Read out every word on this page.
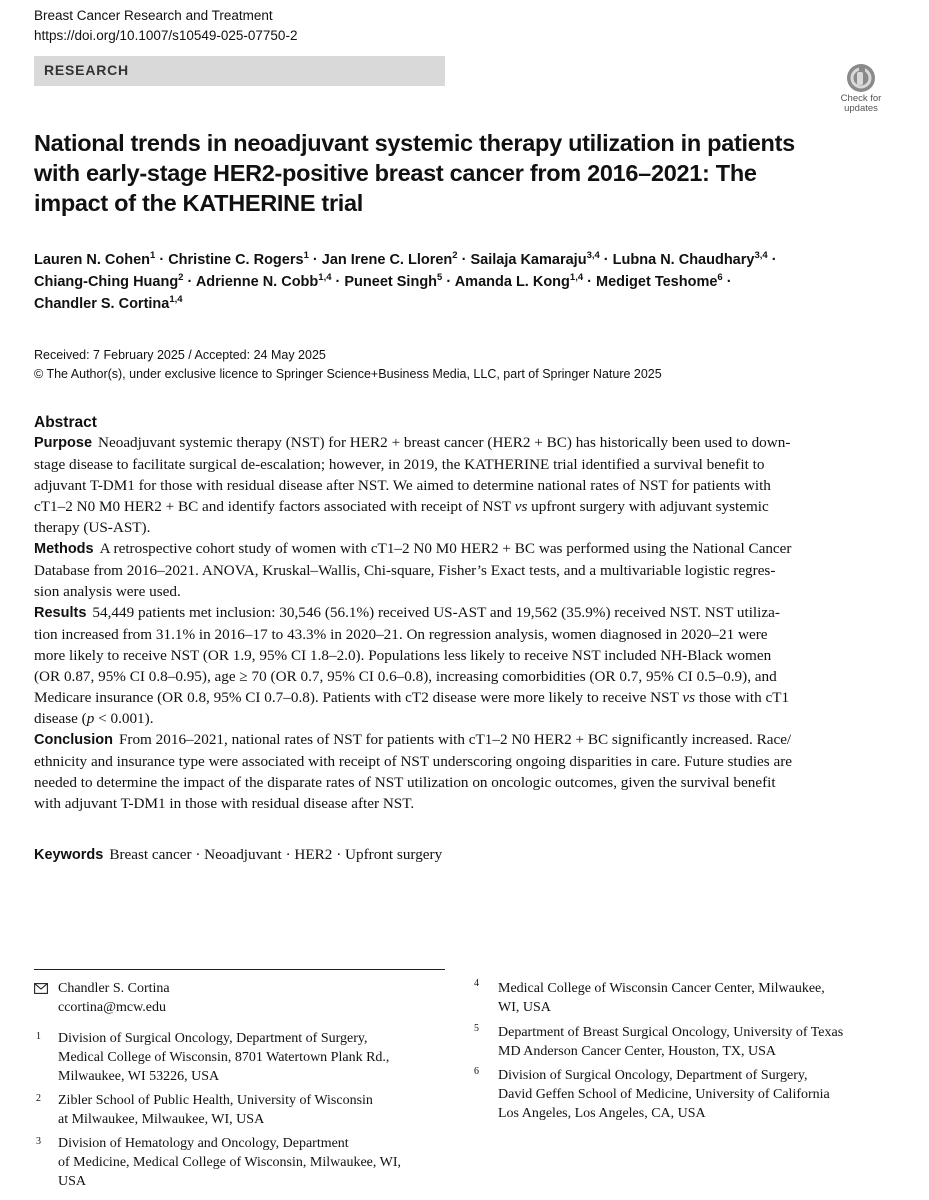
Breast Cancer Research and Treatment
https://doi.org/10.1007/s10549-025-07750-2
RESEARCH
Check for
updates
National trends in neoadjuvant systemic therapy utilization in patients
with early-stage HER2-positive breast cancer from 2016–2021: The
impact of the KATHERINE trial
Lauren N. Cohen$^1$ · Christine C. Rogers$^1$ · Jan Irene C. Lloren$^2$ · Sailaja Kamaraju$^{3,4}$ · Lubna N. Chaudhary$^{3,4}$ ·
Chiang-Ching Huang$^2$ · Adrienne N. Cobb$^{1,4}$ · Puneet Singh$^5$ · Amanda L. Kong$^{1,4}$ · Mediget Teshome$^6$ ·
Chandler S. Cortina$^{1,4}$
Received: 7 February 2025 / Accepted: 24 May 2025
© The Author(s), under exclusive licence to Springer Science+Business Media, LLC, part of Springer Nature 2025
Abstract

Purpose Neoadjuvant systemic therapy (NST) for HER2 + breast cancer (HER2 + BC) has historically been used to down-
stage disease to facilitate surgical de-escalation; however, in 2019, the KATHERINE trial identified a survival benefit to
adjuvant T-DM1 for those with residual disease after NST. We aimed to determine national rates of NST for patients with
cT1–2 N0 M0 HER2 + BC and identify factors associated with receipt of NST vs upfront surgery with adjuvant systemic
therapy (US-AST).

Methods A retrospective cohort study of women with cT1–2 N0 M0 HER2 + BC was performed using the National Cancer
Database from 2016–2021. ANOVA, Kruskal–Wallis, Chi-square, Fisher’s Exact tests, and a multivariable logistic regres-
sion analysis were used.

Results 54,449 patients met inclusion: 30,546 (56.1%) received US-AST and 19,562 (35.9%) received NST. NST utiliza-
tion increased from 31.1% in 2016–17 to 43.3% in 2020–21. On regression analysis, women diagnosed in 2020–21 were
more likely to receive NST (OR 1.9, 95% CI 1.8–2.0). Populations less likely to receive NST included NH-Black women
(OR 0.87, 95% CI 0.8–0.95), age ≥ 70 (OR 0.7, 95% CI 0.6–0.8), increasing comorbidities (OR 0.7, 95% CI 0.5–0.9), and
Medicare insurance (OR 0.8, 95% CI 0.7–0.8). Patients with cT2 disease were more likely to receive NST vs those with cT1
disease (p < 0.001).

Conclusion From 2016–2021, national rates of NST for patients with cT1–2 N0 HER2 + BC significantly increased. Race/
ethnicity and insurance type were associated with receipt of NST underscoring ongoing disparities in care. Future studies are
needed to determine the impact of the disparate rates of NST utilization on oncologic outcomes, given the survival benefit
with adjuvant T-DM1 in those with residual disease after NST.

Keywords Breast cancer · Neoadjuvant · HER2 · Upfront surgery
Chandler S. Cortina
ccortina@mcw.edu
1 Division of Surgical Oncology, Department of Surgery,
Medical College of Wisconsin, 8701 Watertown Plank Rd.,
Milwaukee, WI 53226, USA
2 Zibler School of Public Health, University of Wisconsin
at Milwaukee, Milwaukee, WI, USA
3 Division of Hematology and Oncology, Department
of Medicine, Medical College of Wisconsin, Milwaukee, WI,
USA
4 Medical College of Wisconsin Cancer Center, Milwaukee,
WI, USA
5 Department of Breast Surgical Oncology, University of Texas
MD Anderson Cancer Center, Houston, TX, USA
6 Division of Surgical Oncology, Department of Surgery,
David Geffen School of Medicine, University of California
Los Angeles, Los Angeles, CA, USA
